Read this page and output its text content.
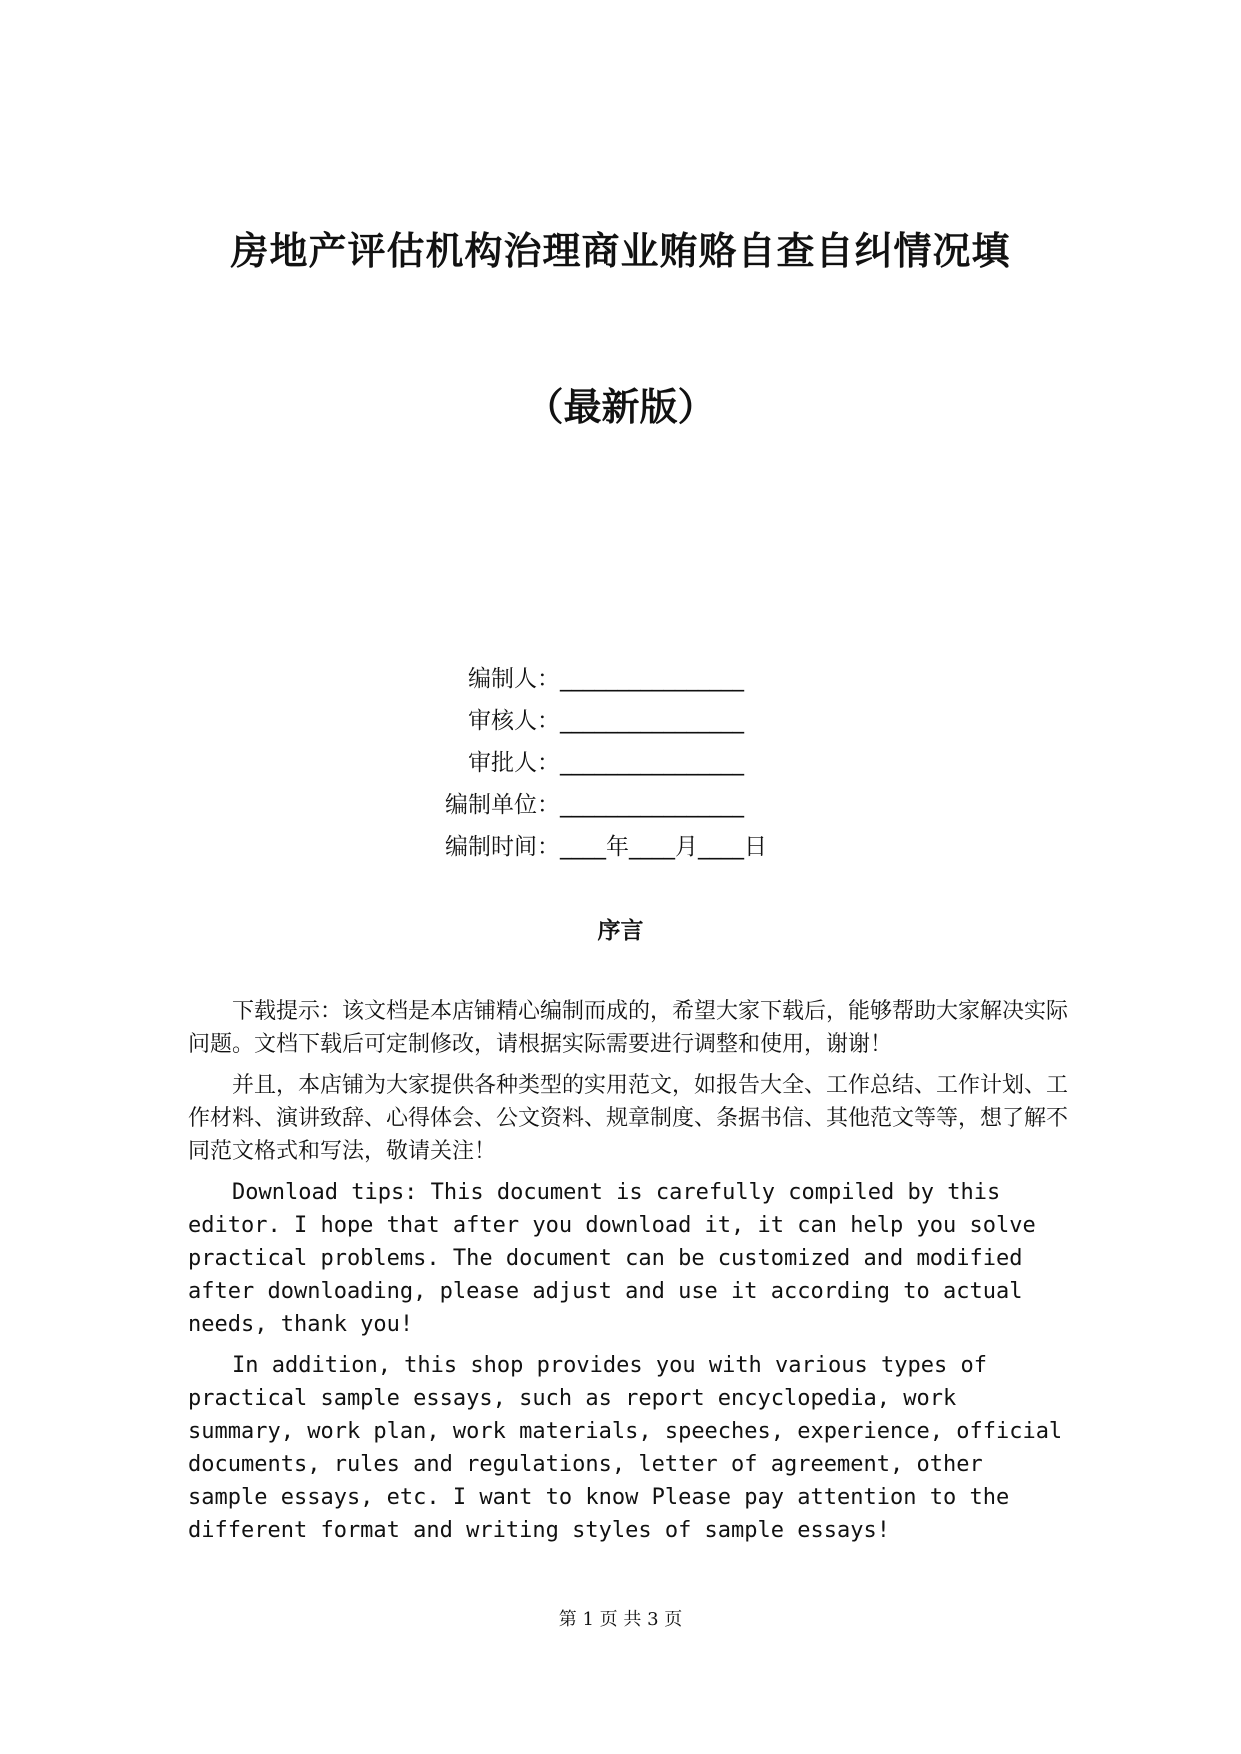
房地产评估机构治理商业贿赂自查自纠情况填
（最新版）
编制人：________________
审核人：________________
审批人：________________
编制单位：________________
编制时间：____年____月____日
序言

下载提示：该文档是本店铺精心编制而成的，希望大家下载后，能够帮助大家解决实际问题。文档下载后可定制修改，请根据实际需要进行调整和使用，谢谢！

并且，本店铺为大家提供各种类型的实用范文，如报告大全、工作总结、工作计划、工作材料、演讲致辞、心得体会、公文资料、规章制度、条据书信、其他范文等等，想了解不同范文格式和写法，敬请关注！

Download tips: This document is carefully compiled by this editor. I hope that after you download it, it can help you solve practical problems. The document can be customized and modified after downloading, please adjust and use it according to actual needs, thank you!

In addition, this shop provides you with various types of practical sample essays, such as report encyclopedia, work summary, work plan, work materials, speeches, experience, official documents, rules and regulations, letter of agreement, other sample essays, etc. I want to know Please pay attention to the different format and writing styles of sample essays!

第 1 页 共 3 页
